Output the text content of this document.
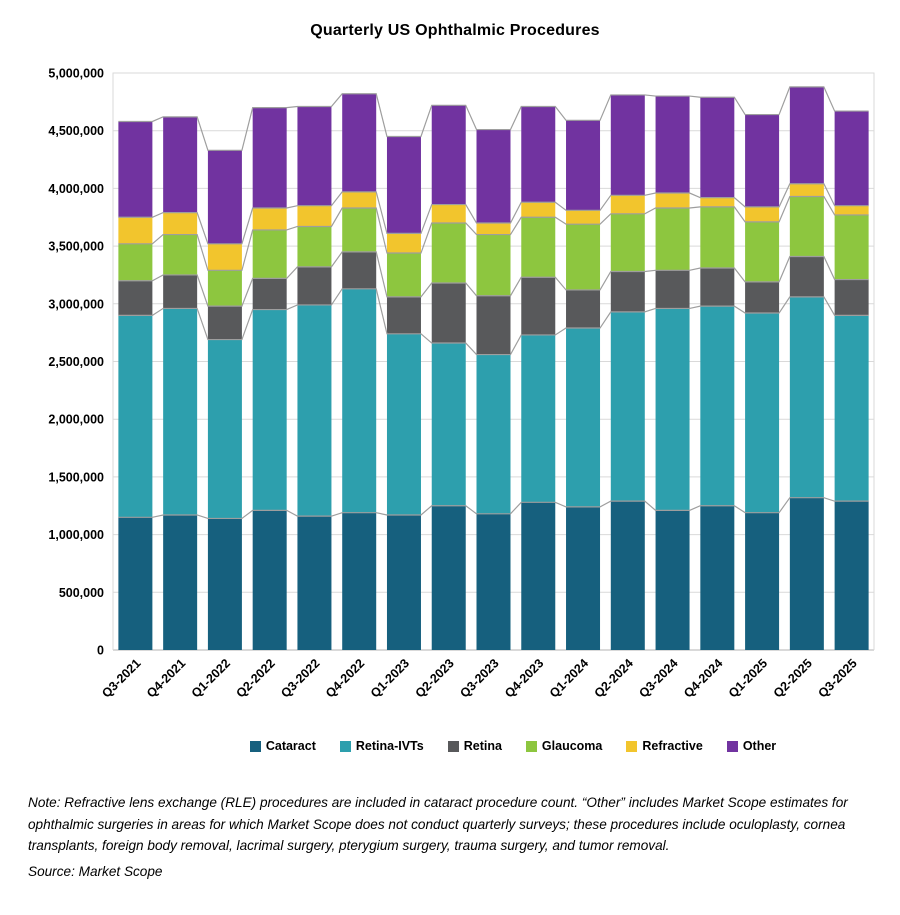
Quarterly US Ophthalmic Procedures
0
500,000
1,000,000
1,500,000
2,000,000
2,500,000
3,000,000
3,500,000
4,000,000
4,500,000
5,000,000
Q3-2021 Q4-2021 Q1-2022 Q2-2022 Q3-2022 Q4-2022 Q1-2023 Q2-2023 Q3-2023 Q4-2023 Q1-2024 Q2-2024 Q3-2024 Q4-2024 Q1-2025 Q2-2025 Q3-2025
Cataract	Retina-IVTs	Retina	Glaucoma	Refractive	Other
Note: Refractive lens exchange (RLE) procedures are included in cataract procedure count. “Other” includes Market Scope estimates for ophthalmic surgeries in areas for which Market Scope does not conduct quarterly surveys; these procedures include oculoplasty, cornea transplants, foreign body removal, lacrimal surgery, pterygium surgery, trauma surgery, and tumor removal.
Source: Market Scope
